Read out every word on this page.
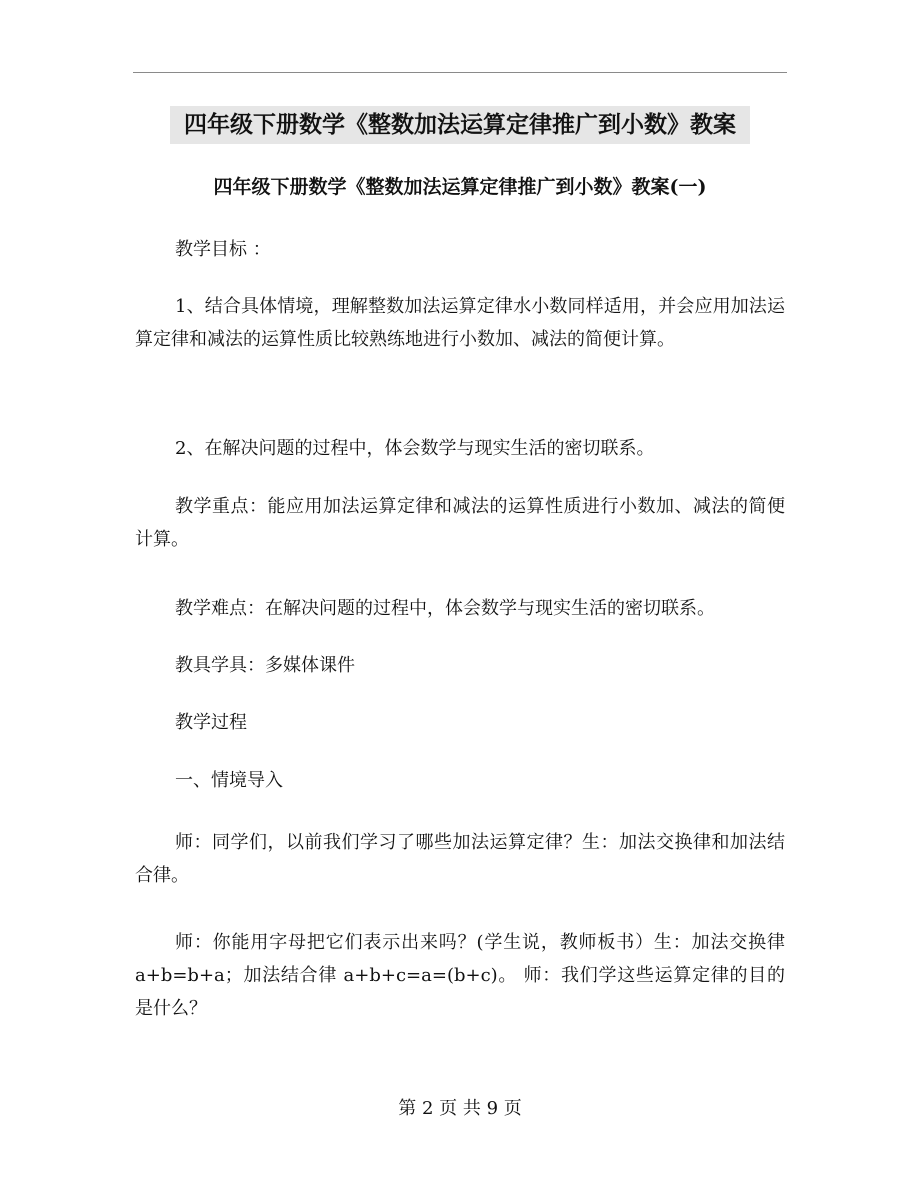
四年级下册数学《整数加法运算定律推广到小数》教案
四年级下册数学《整数加法运算定律推广到小数》教案(一)

教学目标 ：

1、结合具体情境，理解整数加法运算定律水小数同样适用，并会应用加法运算定律和减法的运算性质比较熟练地进行小数加、减法的简便计算。

2、在解决问题的过程中，体会数学与现实生活的密切联系。

教学重点：能应用加法运算定律和减法的运算性质进行小数加、减法的简便计算。

教学难点：在解决问题的过程中，体会数学与现实生活的密切联系。

教具学具：多媒体课件

教学过程

一、情境导入

师：同学们，以前我们学习了哪些加法运算定律？生：加法交换律和加法结合律。

师：你能用字母把它们表示出来吗？(学生说，教师板书）生：加法交换律 a+b=b+a；加法结合律 a+b+c=a=(b+c)。 师：我们学这些运算定律的目的是什么？

第 2 页 共 9 页
